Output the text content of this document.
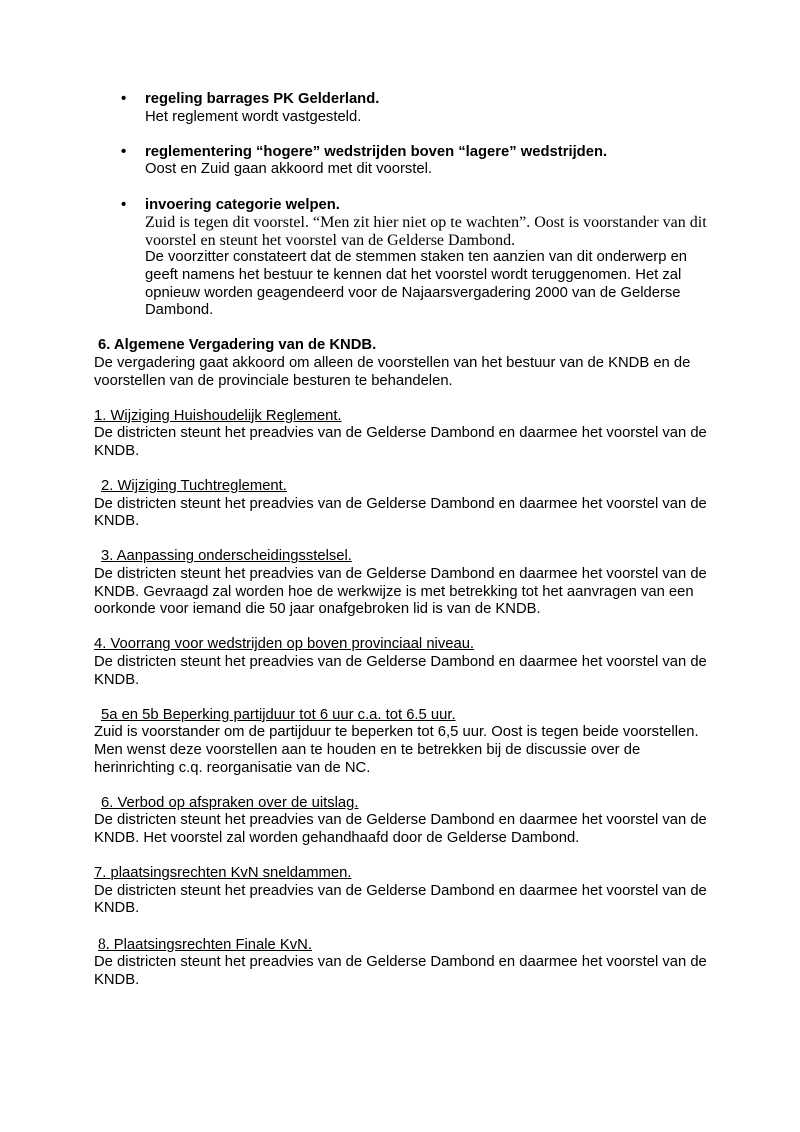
• regeling barrages PK Gelderland.

Het reglement wordt vastgesteld.

• reglementering “hogere” wedstrijden boven “lagere” wedstrijden.

Oost en Zuid gaan akkoord met dit voorstel.

• invoering categorie welpen.

Zuid is tegen dit voorstel. “Men zit hier niet op te wachten”. Oost is voorstander van dit voorstel en steunt het voorstel van de Gelderse Dambond.

De voorzitter constateert dat de stemmen staken ten aanzien van dit onderwerp en geeft namens het bestuur te kennen dat het voorstel wordt teruggenomen. Het zal opnieuw worden geagendeerd voor de Najaarsvergadering 2000 van de Gelderse Dambond.

6. Algemene Vergadering van de KNDB.

De vergadering gaat akkoord om alleen de voorstellen van het bestuur van de KNDB en de voorstellen van de provinciale besturen te behandelen.

1. Wijziging Huishoudelijk Reglement.

De districten steunt het preadvies van de Gelderse Dambond en daarmee het voorstel van de KNDB.

2. Wijziging Tuchtreglement.

De districten steunt het preadvies van de Gelderse Dambond en daarmee het voorstel van de KNDB.

3. Aanpassing onderscheidingsstelsel.

De districten steunt het preadvies van de Gelderse Dambond en daarmee het voorstel van de KNDB. Gevraagd zal worden hoe de werkwijze is met betrekking tot het aanvragen van een oorkonde voor iemand die 50 jaar onafgebroken lid is van de KNDB.

4. Voorrang voor wedstrijden op boven provinciaal niveau.

De districten steunt het preadvies van de Gelderse Dambond en daarmee het voorstel van de KNDB.

5a en 5b Beperking partijduur tot 6 uur c.a. tot 6.5 uur.

Zuid is voorstander om de partijduur te beperken tot 6,5 uur. Oost is tegen beide voorstellen. Men wenst deze voorstellen aan te houden en te betrekken bij de discussie over de herinrichting c.q. reorganisatie van de NC.

6. Verbod op afspraken over de uitslag.

De districten steunt het preadvies van de Gelderse Dambond en daarmee het voorstel van de KNDB. Het voorstel zal worden gehandhaafd door de Gelderse Dambond.

7. plaatsingsrechten KvN sneldammen.

De districten steunt het preadvies van de Gelderse Dambond en daarmee het voorstel van de KNDB.

8. Plaatsingsrechten Finale KvN.

De districten steunt het preadvies van de Gelderse Dambond en daarmee het voorstel van de KNDB.
